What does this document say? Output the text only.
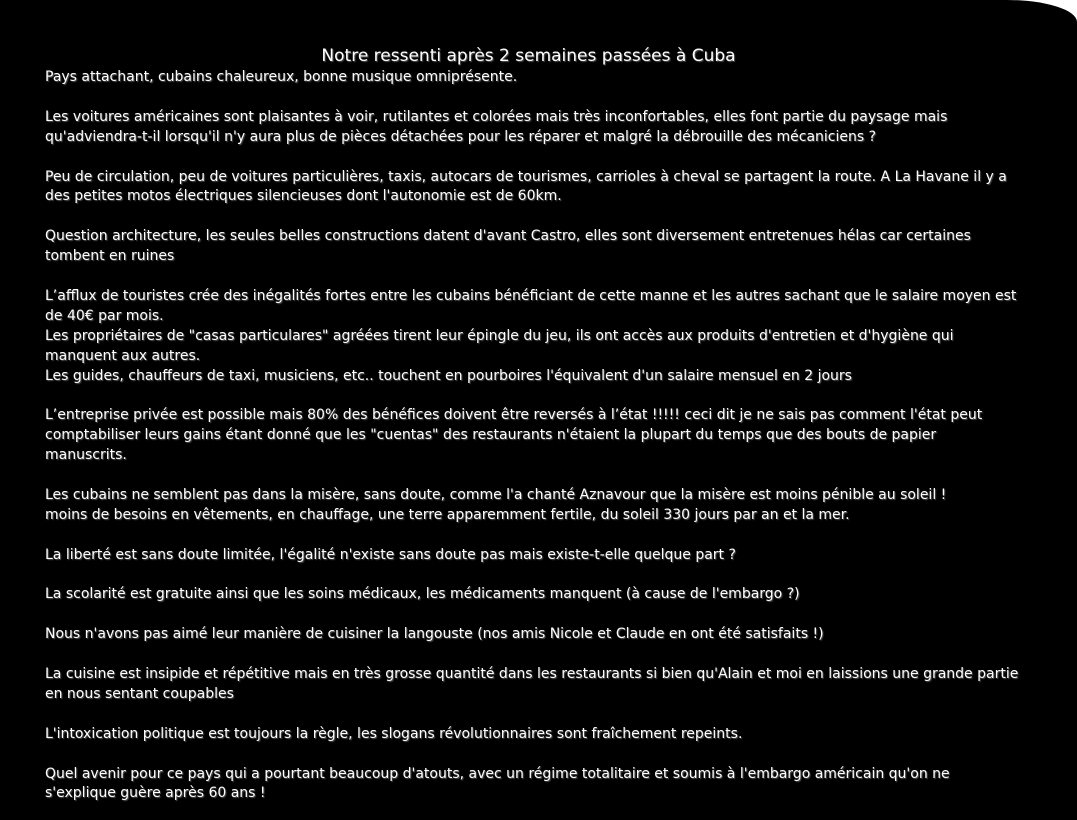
Notre ressenti après 2 semaines passées à Cuba

Pays attachant, cubains chaleureux, bonne musique omniprésente.

Les voitures américaines sont plaisantes à voir, rutilantes et colorées mais très inconfortables, elles font partie du paysage mais qu'adviendra-t-il lorsqu'il n'y aura plus de pièces détachées pour les réparer et malgré la débrouille des mécaniciens ?

Peu de circulation, peu de voitures particulières, taxis, autocars de tourismes, carrioles à cheval se partagent la route. A La Havane il y a des petites motos électriques silencieuses dont l'autonomie est de 60km.

Question architecture, les seules belles constructions datent d'avant Castro, elles sont diversement entretenues hélas car certaines tombent en ruines

L’afflux de touristes crée des inégalités fortes entre les cubains bénéficiant de cette manne et les autres sachant que le salaire moyen est de 40€ par mois.
Les propriétaires de "casas particulares" agréées tirent leur épingle du jeu, ils ont accès aux produits d'entretien et d'hygiène qui manquent aux autres.
Les guides, chauffeurs de taxi, musiciens, etc.. touchent en pourboires l'équivalent d'un salaire mensuel en 2 jours

L’entreprise privée est possible mais 80% des bénéfices doivent être reversés à l’état !!!!! ceci dit je ne sais pas comment l'état peut comptabiliser leurs gains étant donné que les "cuentas" des restaurants n'étaient la plupart du temps que des bouts de papier manuscrits.

Les cubains ne semblent pas dans la misère, sans doute, comme l'a chanté Aznavour que la misère est moins pénible au soleil !
moins de besoins en vêtements, en chauffage, une terre apparemment fertile, du soleil 330 jours par an et la mer.

La liberté est sans doute limitée, l'égalité n'existe sans doute pas mais existe-t-elle quelque part ?

La scolarité est gratuite ainsi que les soins médicaux, les médicaments manquent (à cause de l'embargo ?)

Nous n'avons pas aimé leur manière de cuisiner la langouste (nos amis Nicole et Claude en ont été satisfaits !)

La cuisine est insipide et répétitive mais en très grosse quantité dans les restaurants si bien qu'Alain et moi en laissions une grande partie en nous sentant coupables

L'intoxication politique est toujours la règle, les slogans révolutionnaires sont fraîchement repeints.

Quel avenir pour ce pays qui a pourtant beaucoup d'atouts, avec un régime totalitaire et soumis à l'embargo américain qu'on ne s'explique guère après 60 ans !
